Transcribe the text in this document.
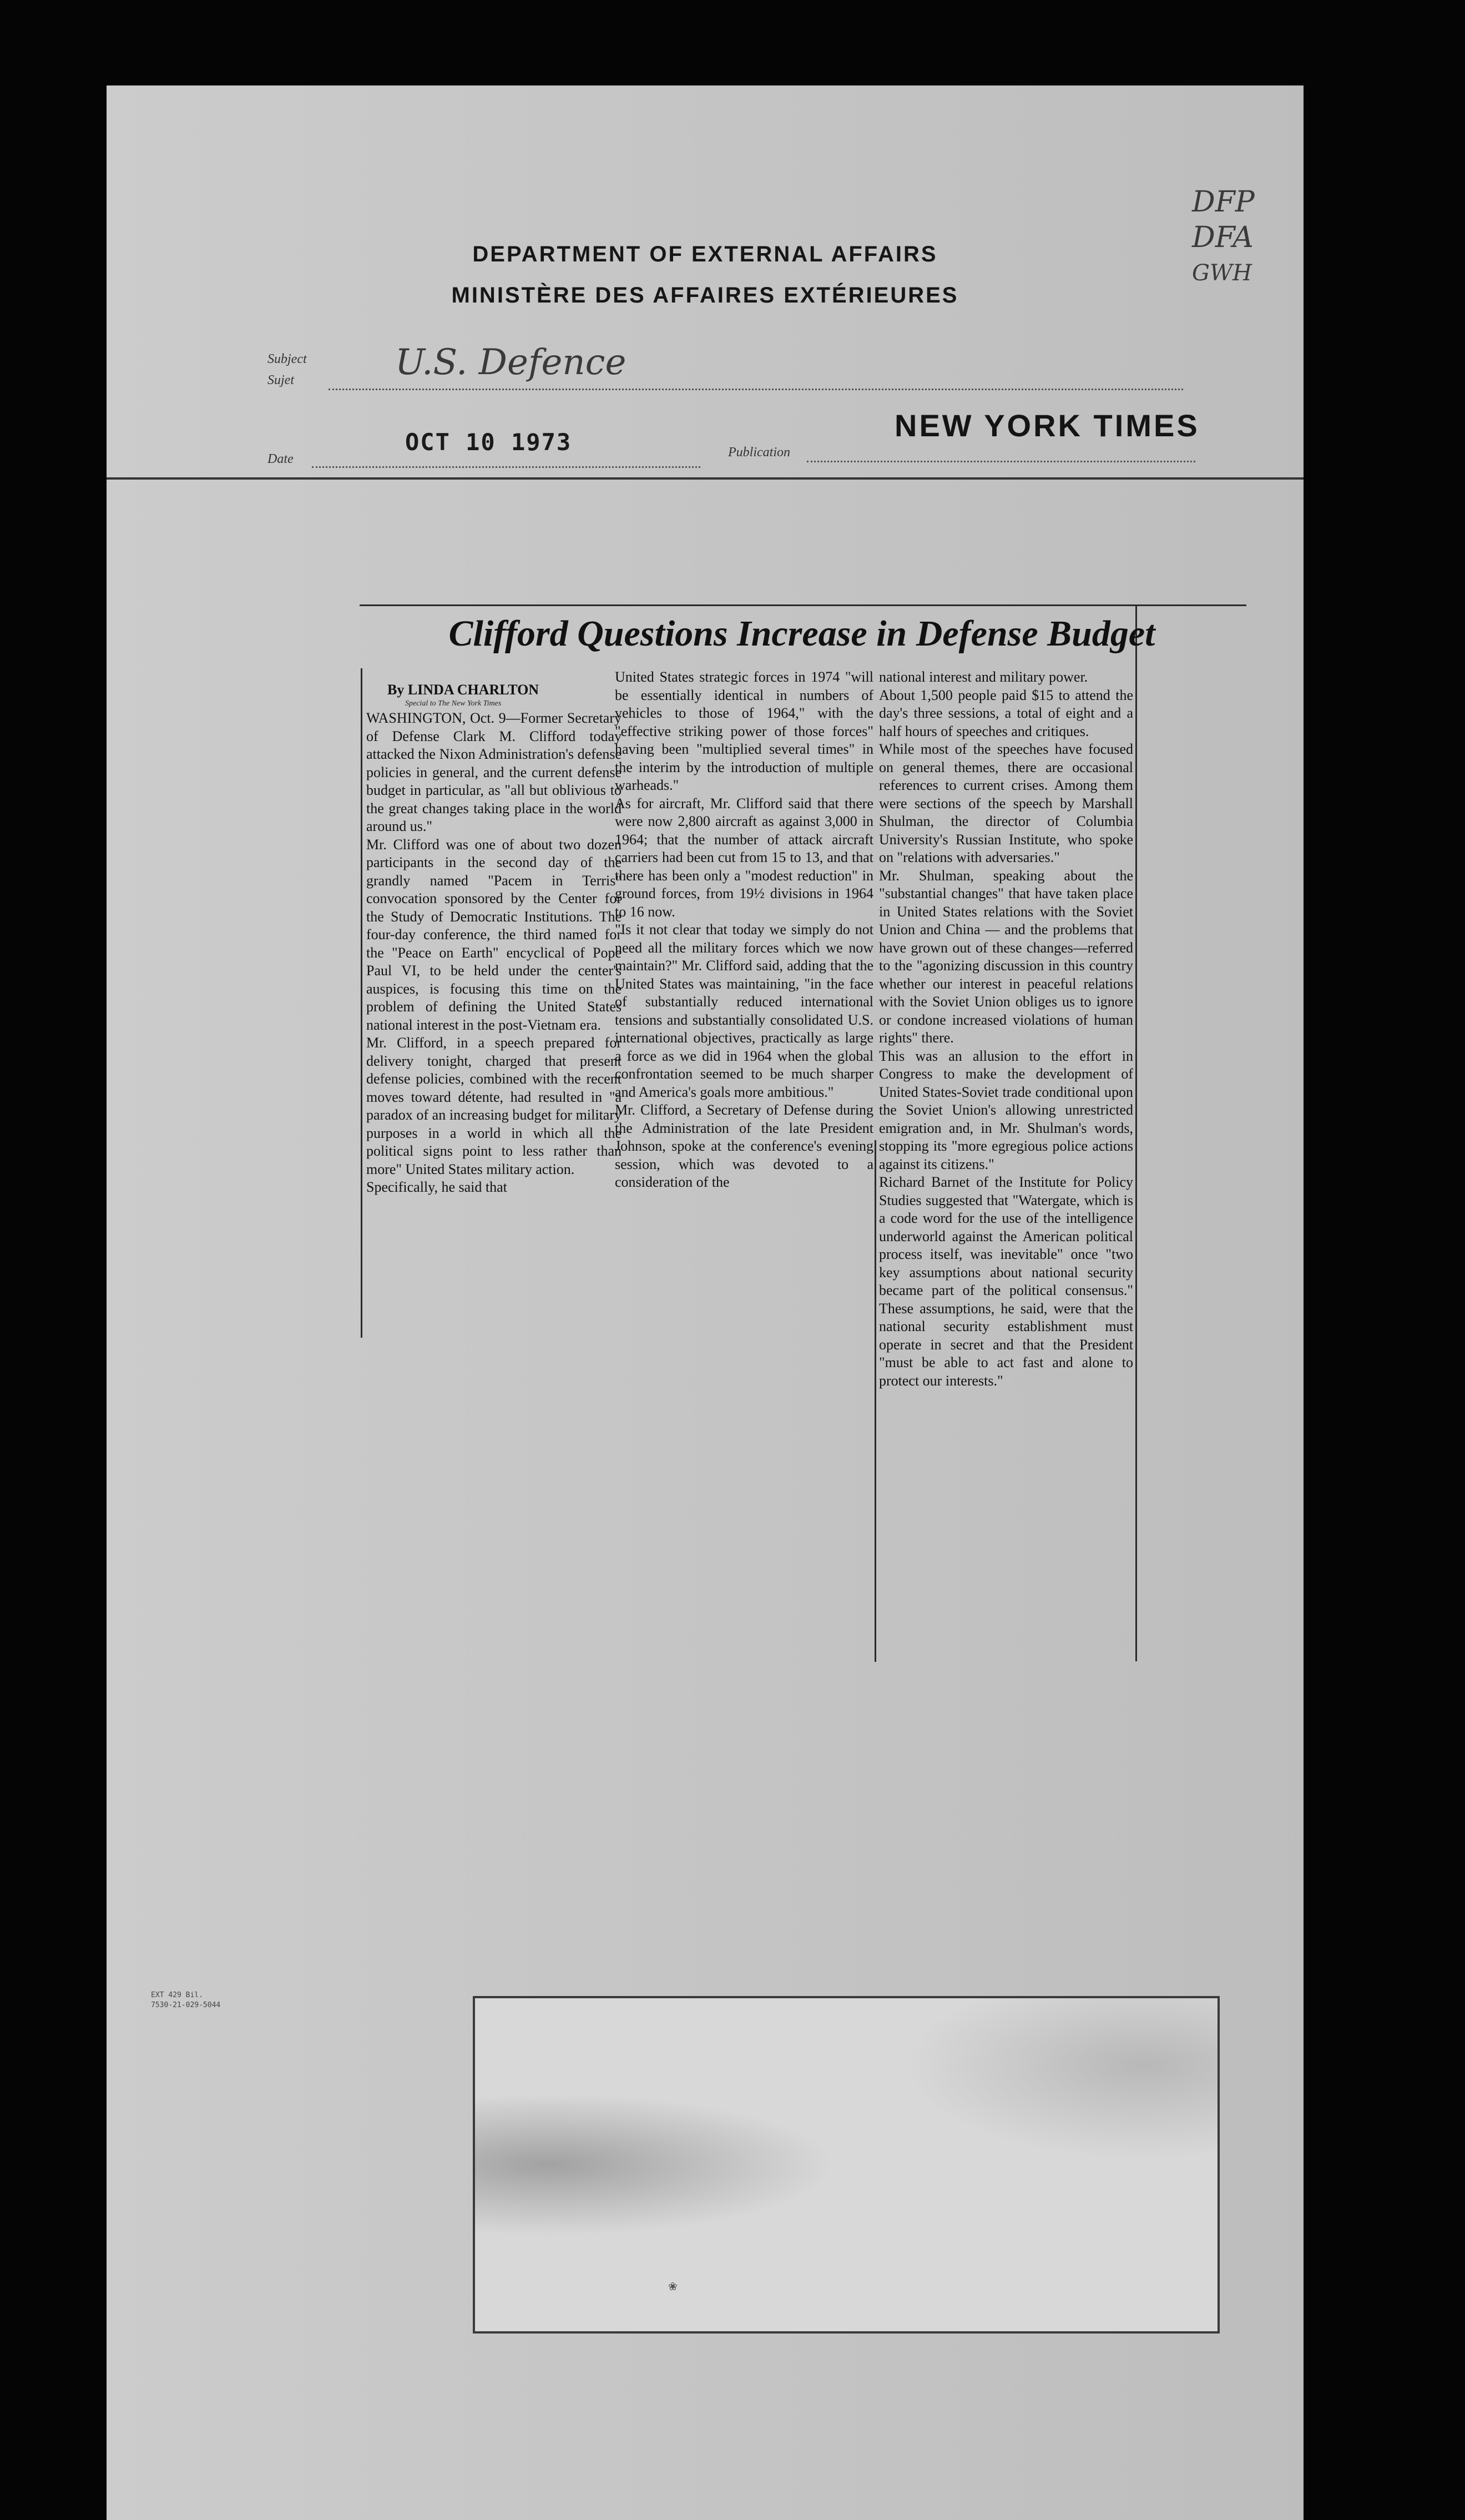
DEPARTMENT OF EXTERNAL AFFAIRS
MINISTÈRE DES AFFAIRES EXTÉRIEURES
DFP
DFA
GWH
Subject
Sujet	U.S. Defence
Date
OCT 10 1973	Publication
NEW YORK TIMES
Clifford Questions Increase in Defense Budget
By LINDA CHARLTON
Special to The New York Times
WASHINGTON, Oct. 9—Former Secretary of Defense Clark M. Clifford today attacked the Nixon Administration's defense policies in general, and the current defense budget in particular, as "all but oblivious to the great changes taking place in the world around us."
Mr. Clifford was one of about two dozen participants in the second day of the grandly named "Pacem in Terris" convocation sponsored by the Center for the Study of Democratic Institutions. The four-day conference, the third named for the "Peace on Earth" encyclical of Pope Paul VI, to be held under the center's auspices, is focusing this time on the problem of defining the United States national interest in the post-Vietnam era.
Mr. Clifford, in a speech prepared for delivery tonight, charged that present defense policies, combined with the recent moves toward détente, had resulted in "a paradox of an increasing budget for military purposes in a world in which all the political signs point to less rather than more" United States military action.
Specifically, he said that
United States strategic forces in 1974 "will be essentially identical in numbers of vehicles to those of 1964," with the "effective striking power of those forces" having been "multiplied several times" in the interim by the introduction of multiple warheads."
As for aircraft, Mr. Clifford said that there were now 2,800 aircraft as against 3,000 in 1964; that the number of attack aircraft carriers had been cut from 15 to 13, and that there has been only a "modest reduction" in ground forces, from 19½ divisions in 1964 to 16 now.
"Is it not clear that today we simply do not need all the military forces which we now maintain?" Mr. Clifford said, adding that the United States was maintaining, "in the face of substantially reduced international tensions and substantially consolidated U.S. international objectives, practically as large a force as we did in 1964 when the global confrontation seemed to be much sharper and America's goals more ambitious."
Mr. Clifford, a Secretary of Defense during the Administration of the late President Johnson, spoke at the conference's evening session, which was devoted to a consideration of the
national interest and military power.
About 1,500 people paid $15 to attend the day's three sessions, a total of eight and a half hours of speeches and critiques.
While most of the speeches have focused on general themes, there are occasional references to current crises. Among them were sections of the speech by Marshall Shulman, the director of Columbia University's Russian Institute, who spoke on "relations with adversaries."
Mr. Shulman, speaking about the "substantial changes" that have taken place in United States relations with the Soviet Union and China — and the problems that have grown out of these changes—referred to the "agonizing discussion in this country whether our interest in peaceful relations with the Soviet Union obliges us to ignore or condone increased violations of human rights" there.
This was an allusion to the effort in Congress to make the development of United States-Soviet trade conditional upon the Soviet Union's allowing unrestricted emigration and, in Mr. Shulman's words, stopping its "more egregious police actions against its citizens."
Richard Barnet of the Institute for Policy Studies suggested that "Watergate, which is a code word for the use of the intelligence underworld against the American political process itself, was inevitable" once "two key assumptions about national security became part of the political consensus." These assumptions, he said, were that the national security establishment must operate in secret and that the President "must be able to act fast and alone to protect our interests."
EXT 429 Bil.
7530-21-029-5044
❀
